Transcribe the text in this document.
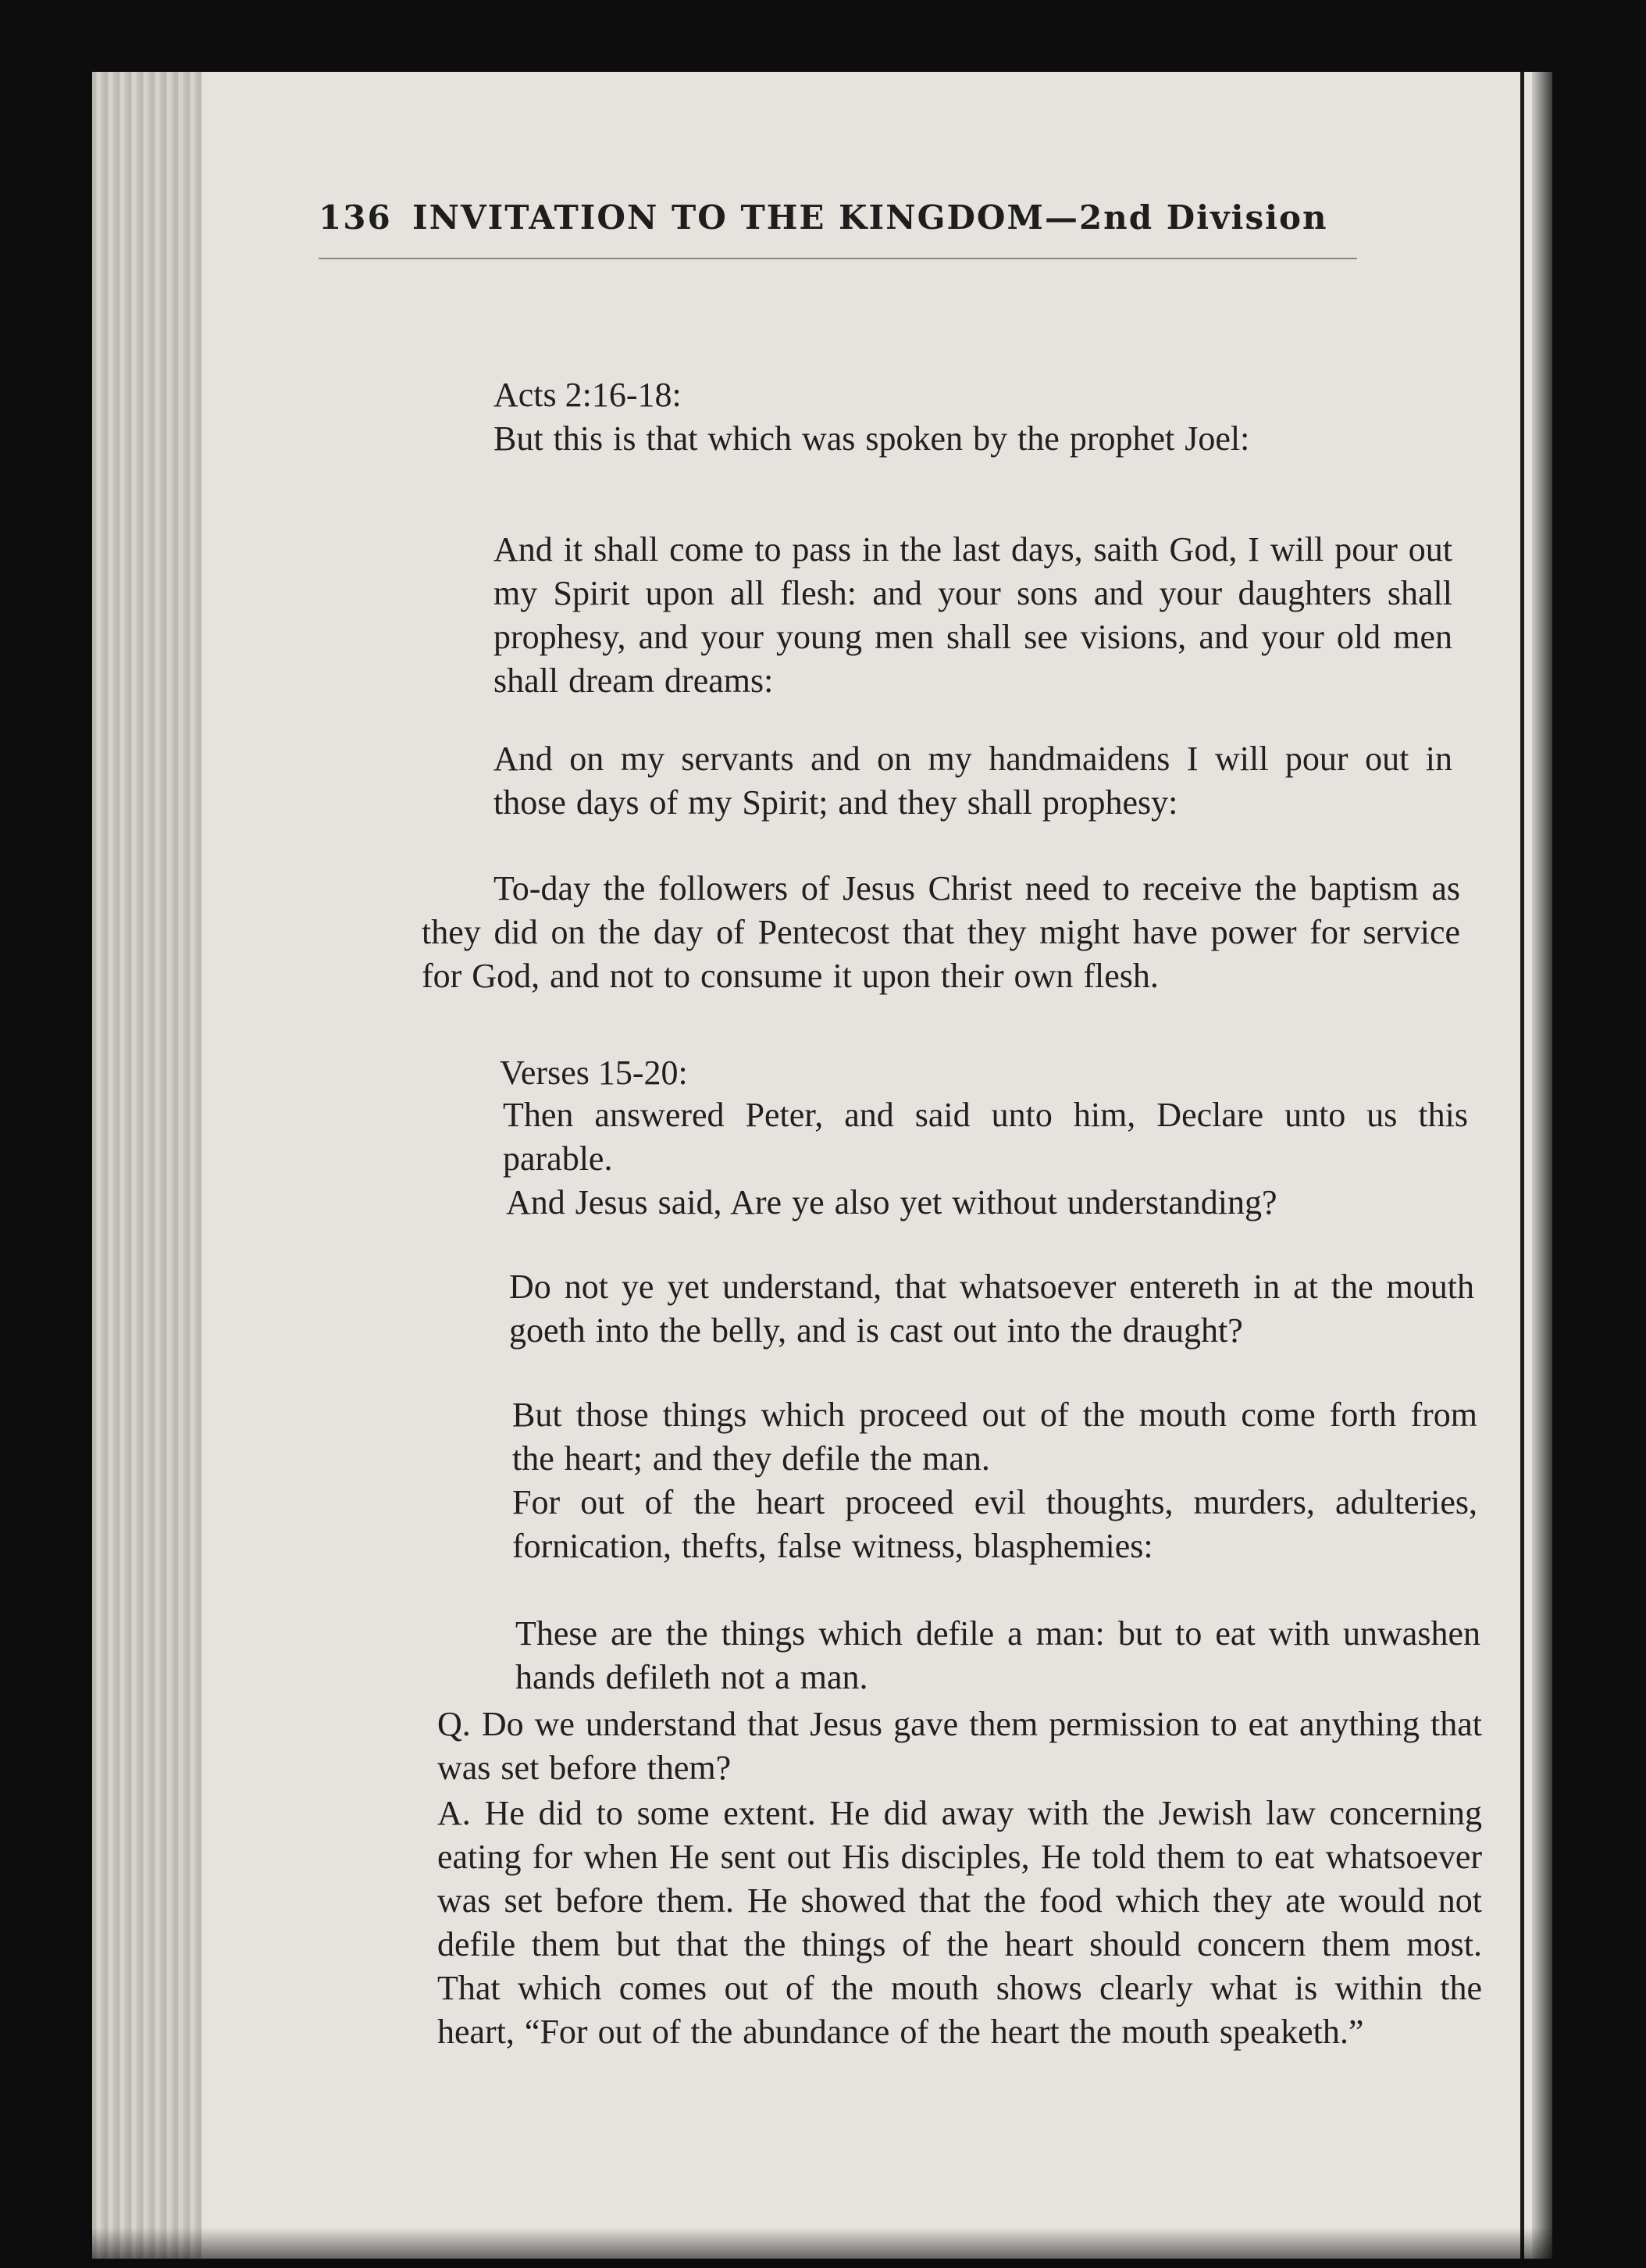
136 INVITATION TO THE KINGDOM—2nd Division
Acts 2:16-18:
But this is that which was spoken by the prophet Joel:
And it shall come to pass in the last days, saith God, I will pour out my Spirit upon all flesh: and your sons and your daughters shall prophesy, and your young men shall see visions, and your old men shall dream dreams:
And on my servants and on my handmaidens I will pour out in those days of my Spirit; and they shall prophesy:
To-day the followers of Jesus Christ need to receive the baptism as they did on the day of Pentecost that they might have power for service for God, and not to consume it upon their own flesh.
Verses 15-20:
Then answered Peter, and said unto him, Declare unto us this parable.
And Jesus said, Are ye also yet without understanding?
Do not ye yet understand, that whatsoever entereth in at the mouth goeth into the belly, and is cast out into the draught?
But those things which proceed out of the mouth come forth from the heart; and they defile the man.
For out of the heart proceed evil thoughts, murders, adulteries, fornication, thefts, false witness, blasphemies:
These are the things which defile a man: but to eat with unwashen hands defileth not a man.
Q. Do we understand that Jesus gave them permission to eat anything that was set before them?
A. He did to some extent. He did away with the Jewish law concerning eating for when He sent out His disciples, He told them to eat whatsoever was set before them. He showed that the food which they ate would not defile them but that the things of the heart should concern them most. That which comes out of the mouth shows clearly what is within the heart, “For out of the abundance of the heart the mouth speaketh.”
